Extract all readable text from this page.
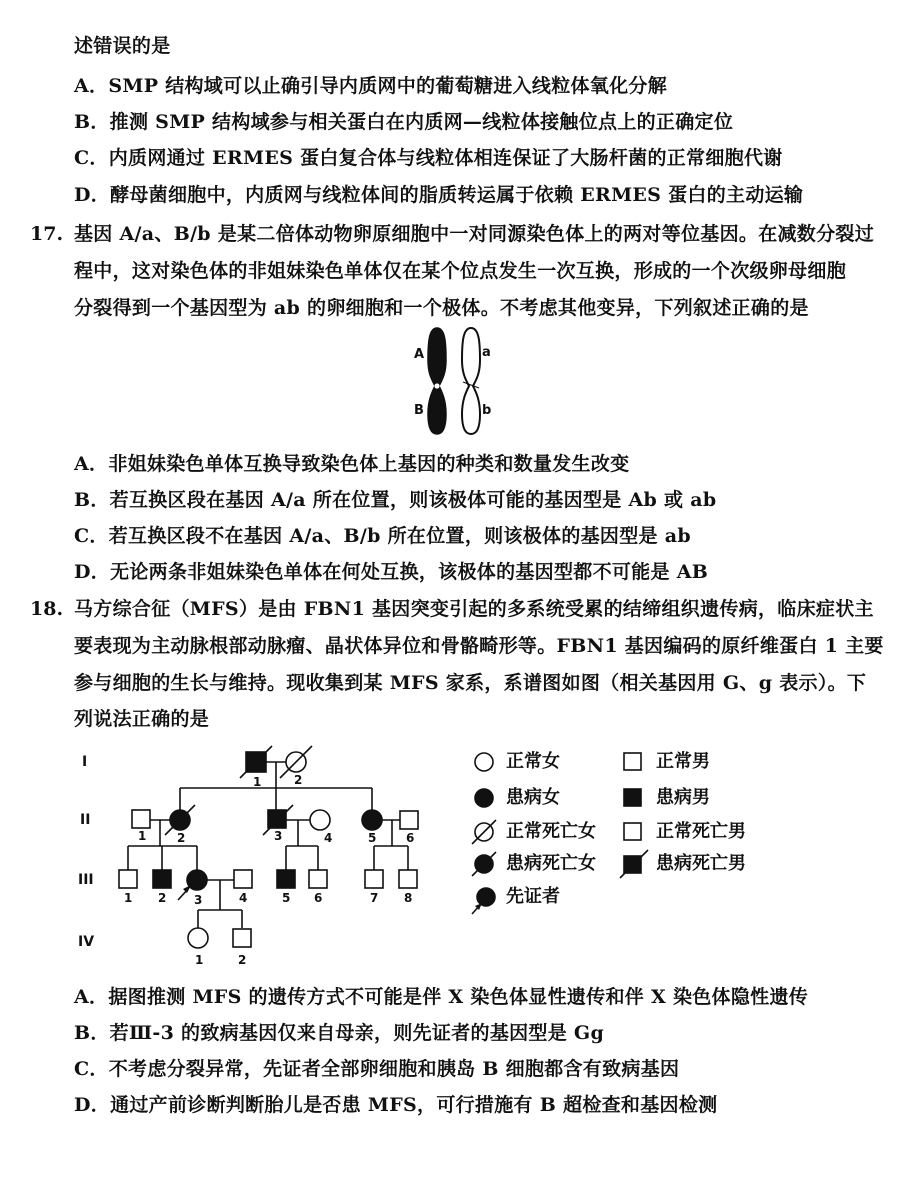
述错误的是
A．SMP 结构域可以止确引导内质网中的葡萄糖进入线粒体氧化分解
B．推测 SMP 结构域参与相关蛋白在内质网—线粒体接触位点上的正确定位
C．内质网通过 ERMES 蛋白复合体与线粒体相连保证了大肠杆菌的正常细胞代谢
D．酵母菌细胞中，内质网与线粒体间的脂质转运属于依赖 ERMES 蛋白的主动运输
17. 基因 A/a、B/b 是某二倍体动物卵原细胞中一对同源染色体上的两对等位基因。在减数分裂过
程中，这对染色体的非姐妹染色单体仅在某个位点发生一次互换，形成的一个次级卵母细胞
分裂得到一个基因型为 ab 的卵细胞和一个极体。不考虑其他变异，下列叙述正确的是
A
B
a
b
A．非姐妹染色单体互换导致染色体上基因的种类和数量发生改变
B．若互换区段在基因 A/a 所在位置，则该极体可能的基因型是 Ab 或 ab
C．若互换区段不在基因 A/a、B/b 所在位置，则该极体的基因型是 ab
D．无论两条非姐妹染色单体在何处互换，该极体的基因型都不可能是 AB
18. 马方综合征（MFS）是由 FBN1 基因突变引起的多系统受累的结缔组织遗传病，临床症状主
要表现为主动脉根部动脉瘤、晶状体异位和骨骼畸形等。FBN1 基因编码的原纤维蛋白 1 主要
参与细胞的生长与维持。现收集到某 MFS 家系，系谱图如图（相关基因用 G、g 表示）。下
列说法正确的是
I
II
III
IV
1	2
1	2	3	4	5 6
1 2 3	4	5 6	7 8
1	2
正常女
患病女
正常死亡女
患病死亡女
先证者
正常男
患病男
正常死亡男
患病死亡男
A．据图推测 MFS 的遗传方式不可能是伴 X 染色体显性遗传和伴 X 染色体隐性遗传
B．若Ⅲ-3 的致病基因仅来自母亲，则先证者的基因型是 Gg
C．不考虑分裂异常，先证者全部卵细胞和胰岛 B 细胞都含有致病基因
D．通过产前诊断判断胎儿是否患 MFS，可行措施有 B 超检查和基因检测
